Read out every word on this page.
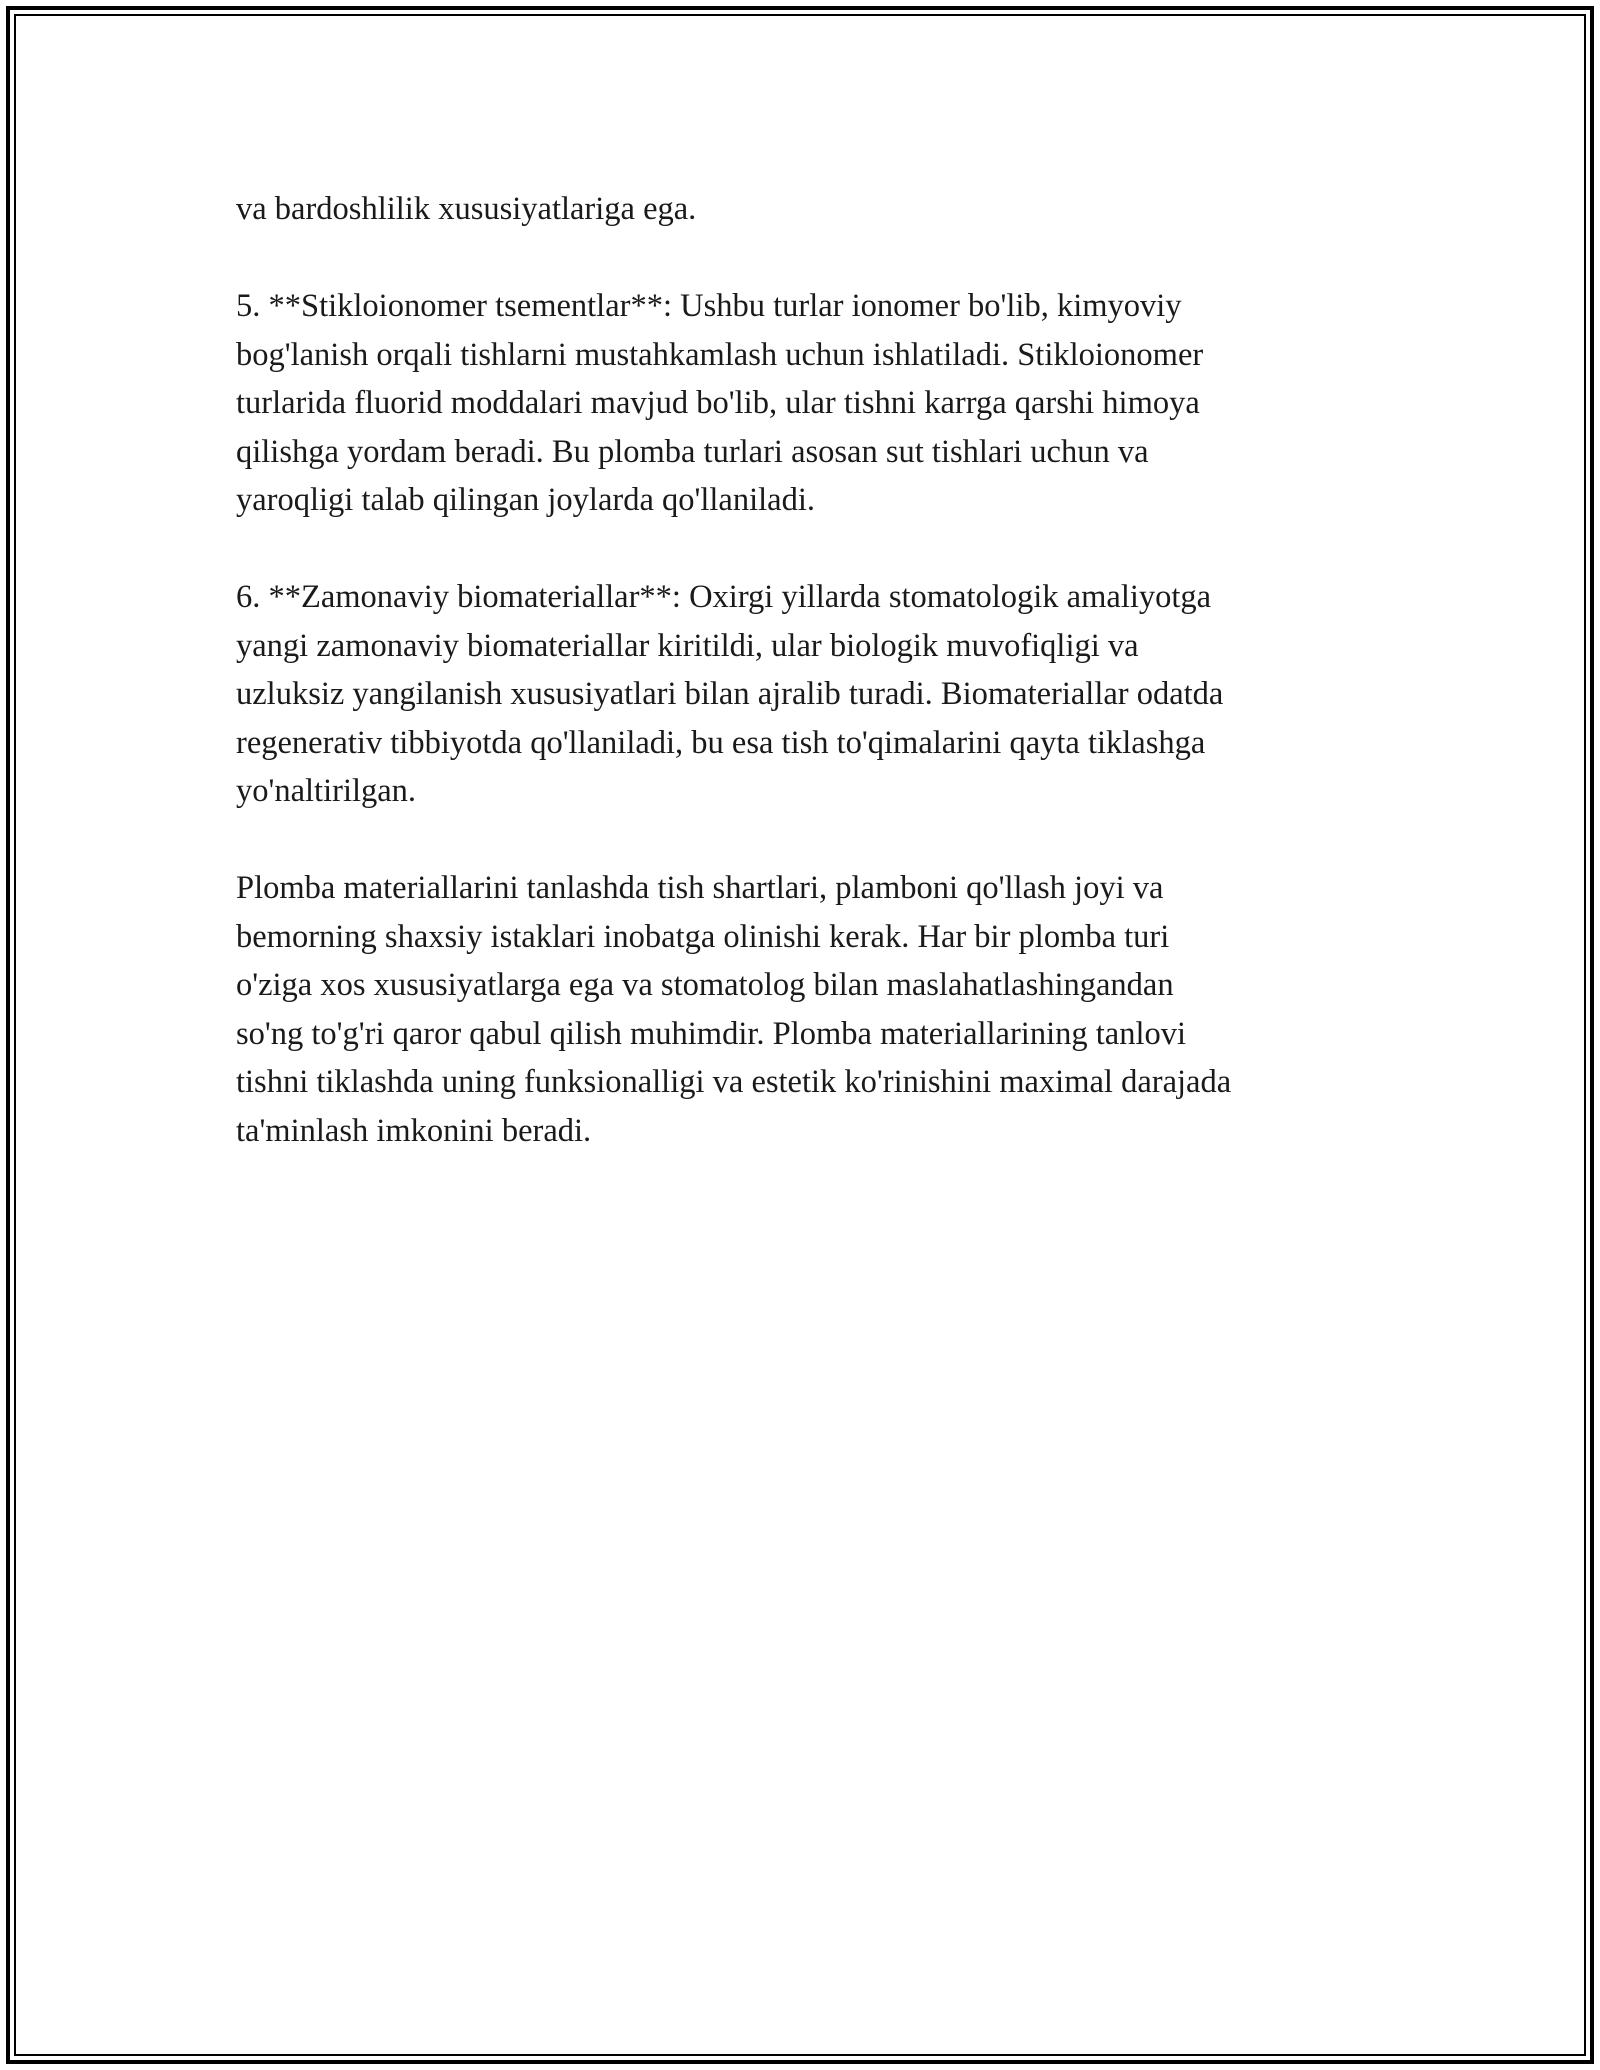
va bardoshlilik xususiyatlariga ega.
5. **Stikloionomer tsementlar**: Ushbu turlar ionomer bo'lib, kimyoviy
bog'lanish orqali tishlarni mustahkamlash uchun ishlatiladi. Stikloionomer
turlarida fluorid moddalari mavjud bo'lib, ular tishni karrga qarshi himoya
qilishga yordam beradi. Bu plomba turlari asosan sut tishlari uchun va
yaroqligi talab qilingan joylarda qo'llaniladi.
6. **Zamonaviy biomateriallar**: Oxirgi yillarda stomatologik amaliyotga
yangi zamonaviy biomateriallar kiritildi, ular biologik muvofiqligi va
uzluksiz yangilanish xususiyatlari bilan ajralib turadi. Biomateriallar odatda
regenerativ tibbiyotda qo'llaniladi, bu esa tish to'qimalarini qayta tiklashga
yo'naltirilgan.
Plomba materiallarini tanlashda tish shartlari, plamboni qo'llash joyi va
bemorning shaxsiy istaklari inobatga olinishi kerak. Har bir plomba turi
o'ziga xos xususiyatlarga ega va stomatolog bilan maslahatlashingandan
so'ng to'g'ri qaror qabul qilish muhimdir. Plomba materiallarining tanlovi
tishni tiklashda uning funksionalligi va estetik ko'rinishini maximal darajada
ta'minlash imkonini beradi.
